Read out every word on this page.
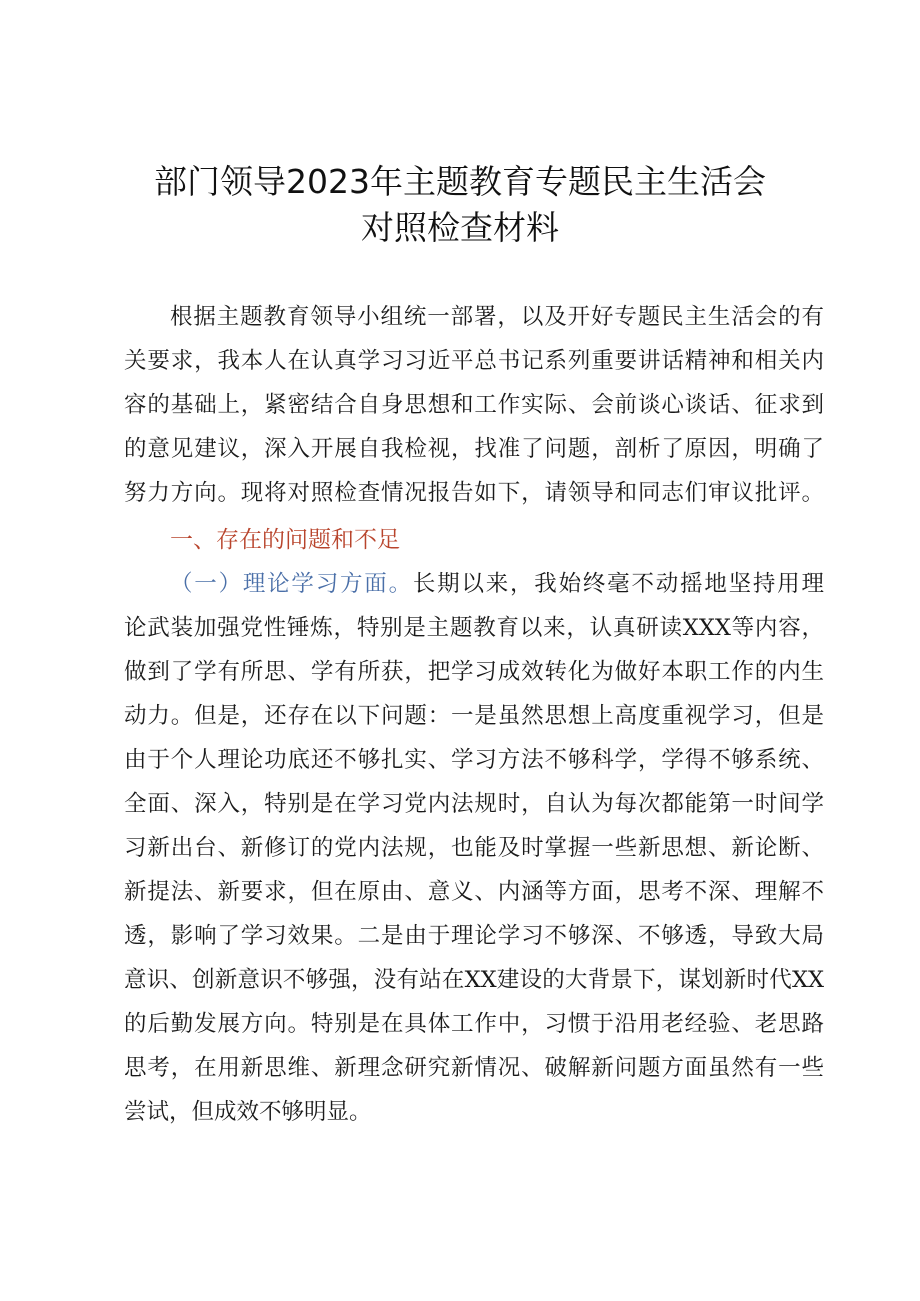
部门领导2023年主题教育专题民主生活会
对照检查材料
根据主题教育领导小组统一部署，以及开好专题民主生活会的有
关要求，我本人在认真学习习近平总书记系列重要讲话精神和相关内
容的基础上，紧密结合自身思想和工作实际、会前谈心谈话、征求到
的意见建议，深入开展自我检视，找准了问题，剖析了原因，明确了
努力方向。现将对照检查情况报告如下，请领导和同志们审议批评。
一、存在的问题和不足
（一）理论学习方面。长期以来，我始终毫不动摇地坚持用理
论武装加强党性锤炼，特别是主题教育以来，认真研读XXX等内容，
做到了学有所思、学有所获，把学习成效转化为做好本职工作的内生
动力。但是，还存在以下问题：一是虽然思想上高度重视学习，但是
由于个人理论功底还不够扎实、学习方法不够科学，学得不够系统、
全面、深入，特别是在学习党内法规时，自认为每次都能第一时间学
习新出台、新修订的党内法规，也能及时掌握一些新思想、新论断、
新提法、新要求，但在原由、意义、内涵等方面，思考不深、理解不
透，影响了学习效果。二是由于理论学习不够深、不够透，导致大局
意识、创新意识不够强，没有站在XX建设的大背景下，谋划新时代XX
的后勤发展方向。特别是在具体工作中，习惯于沿用老经验、老思路
思考，在用新思维、新理念研究新情况、破解新问题方面虽然有一些
尝试，但成效不够明显。
